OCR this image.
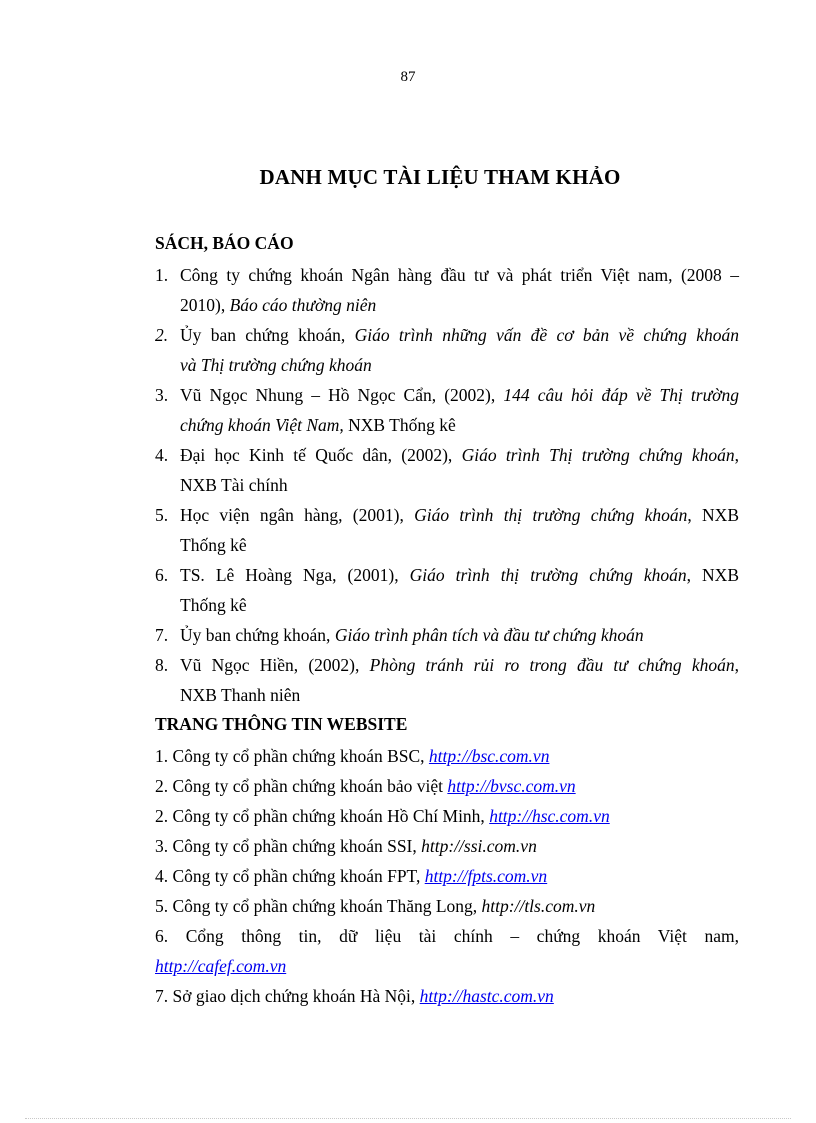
87
DANH MỤC TÀI LIỆU THAM KHẢO
SÁCH, BÁO CÁO
1. Công ty chứng khoán Ngân hàng đầu tư và phát triển Việt nam, (2008 –
2010), Báo cáo thường niên
2. Ủy ban chứng khoán, Giáo trình những vấn đề cơ bản về chứng khoán
và Thị trường chứng khoán
3. Vũ Ngọc Nhung – Hồ Ngọc Cẩn, (2002), 144 câu hỏi đáp về Thị trường
chứng khoán Việt Nam, NXB Thống kê
4. Đại học Kinh tế Quốc dân, (2002), Giáo trình Thị trường chứng khoán,
NXB Tài chính
5. Học viện ngân hàng, (2001), Giáo trình thị trường chứng khoán, NXB
Thống kê
6. TS. Lê Hoàng Nga, (2001), Giáo trình thị trường chứng khoán, NXB
Thống kê
7. Ủy ban chứng khoán, Giáo trình phân tích và đầu tư chứng khoán
8. Vũ Ngọc Hiền, (2002), Phòng tránh rủi ro trong đầu tư chứng khoán,
NXB Thanh niên
TRANG THÔNG TIN WEBSITE
1. Công ty cổ phần chứng khoán BSC, http://bsc.com.vn
2. Công ty cổ phần chứng khoán bảo việt http://bvsc.com.vn
2. Công ty cổ phần chứng khoán Hồ Chí Minh, http://hsc.com.vn
3. Công ty cổ phần chứng khoán SSI, http://ssi.com.vn
4. Công ty cổ phần chứng khoán FPT, http://fpts.com.vn
5. Công ty cổ phần chứng khoán Thăng Long, http://tls.com.vn
6. Cổng thông tin, dữ liệu tài chính – chứng khoán Việt nam,
http://cafef.com.vn
7. Sở giao dịch chứng khoán Hà Nội, http://hastc.com.vn
